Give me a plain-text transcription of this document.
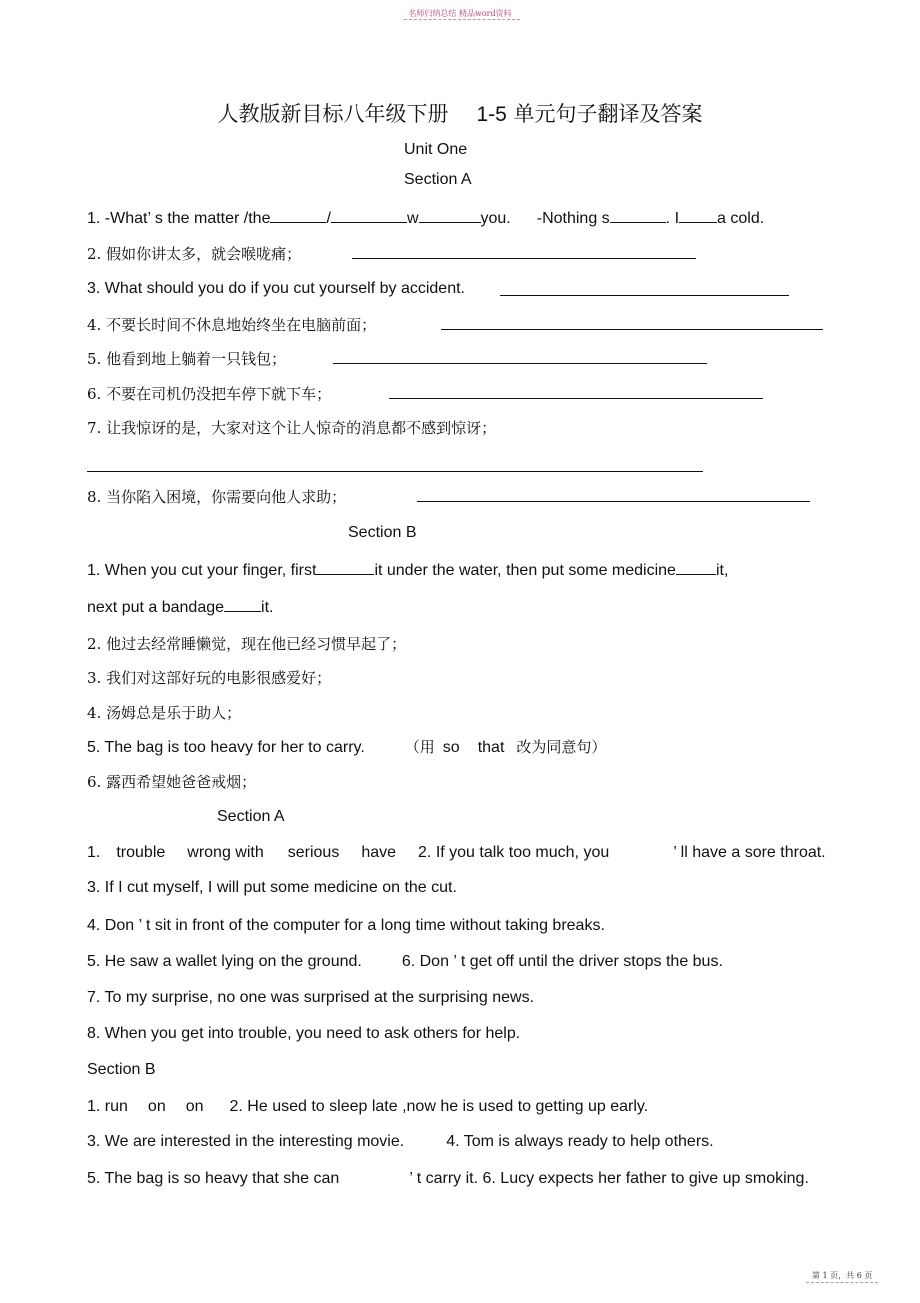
名师归纳总结 精品word资料
人教版新目标八年级下册 1-5 单元句子翻译及答案
Unit One
Section A
1. -What’ s the matter /the	/	w	you. -Nothing s	. I a cold.
2. 假如你讲太多，就会喉咙痛；
3. What should you do if you cut yourself by accident.
4. 不要长时间不休息地始终坐在电脑前面；
5. 他看到地上躺着一只钱包；
6. 不要在司机仍没把车停下就下车；
7. 让我惊讶的是，大家对这个让人惊奇的消息都不感到惊讶；
8. 当你陷入困境，你需要向他人求助；
Section B
1. When you cut your finger, first	it under the water, then put some medicine	it,
next put a bandage it.
2. 他过去经常睡懒觉，现在他已经习惯早起了；
3. 我们对这部好玩的电影很感爱好；
4. 汤姆总是乐于助人；
5. The bag is too heavy for her to carry.	（用 so that 改为同意句）
6. 露西希望她爸爸戒烟；
Section A
1. trouble wrong with serious have 2. If you talk too much, you	’ ll have a sore throat.
3. If I cut myself, I will put some medicine on the cut.
4. Don ’ t sit in front of the computer for a long time without taking breaks.
5. He saw a wallet lying on the ground.	6. Don ’ t get off until the driver stops the bus.
7. To my surprise, no one was surprised at the surprising news.
8. When you get into trouble, you need to ask others for help.
Section B
1. run on on 2. He used to sleep late ,now he is used to getting up early.
3. We are interested in the interesting movie.	4. Tom is always ready to help others.
5. The bag is so heavy that she can	’ t carry it. 6. Lucy expects her father to give up smoking.
第 1 页，共 6 页
